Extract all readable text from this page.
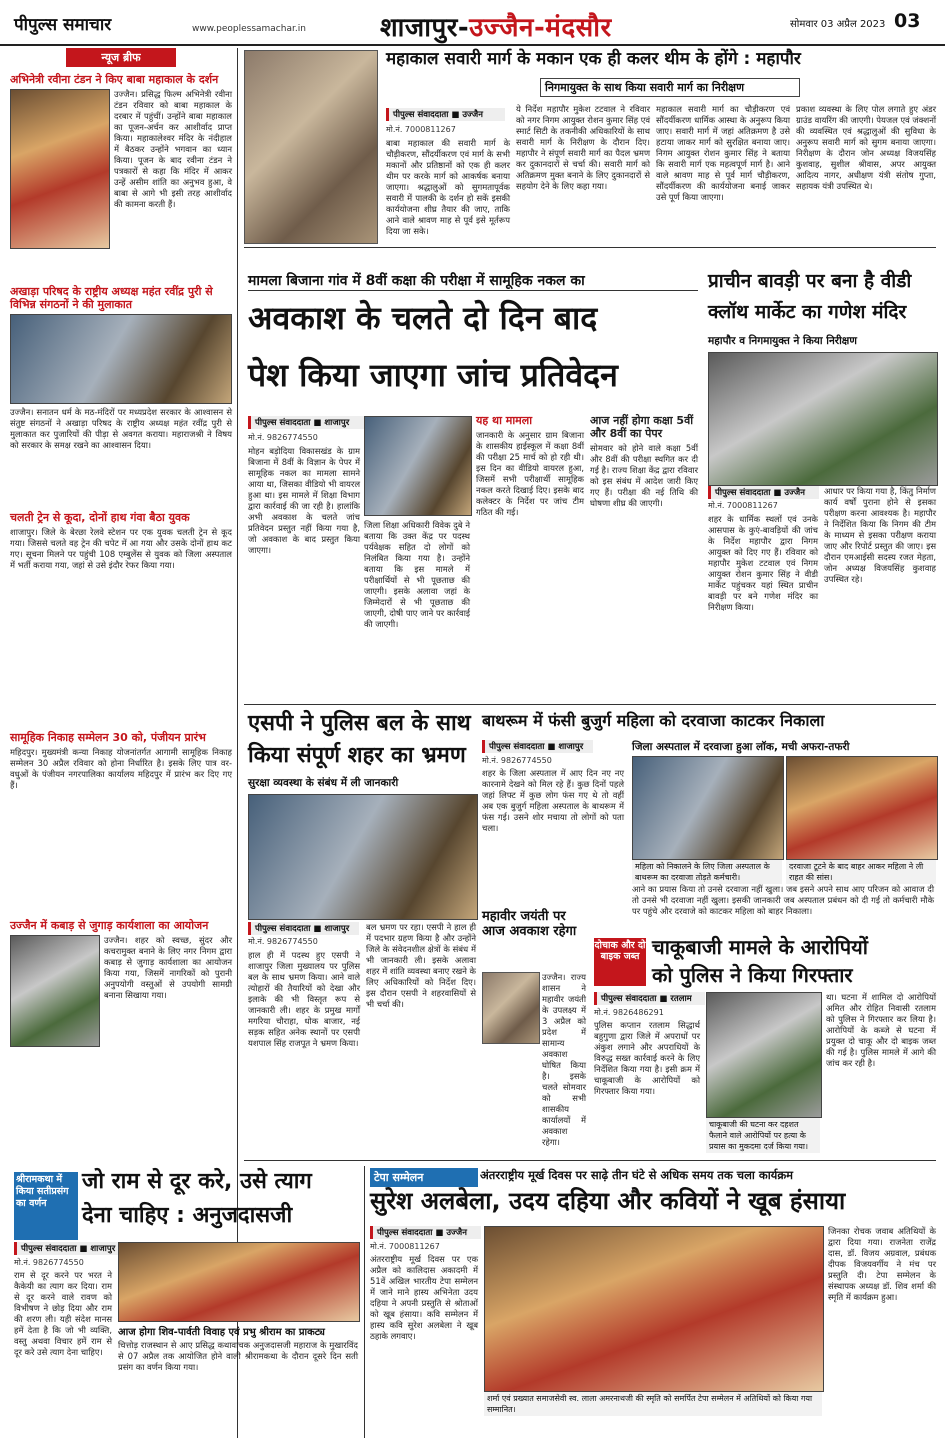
पीपुल्स समाचार	www.peoplessamachar.in	शाजापुर-उज्जैन-मंदसौर	सोमवार 03 अप्रैल 2023 03
न्यूज ब्रीफ
अभिनेत्री रवीना टंडन ने किए बाबा महाकाल के दर्शन
उज्जैन। प्रसिद्ध फिल्म अभिनेत्री रवीना टंडन रविवार को बाबा महाकाल के दरबार में पहुंचीं। उन्होंने बाबा महाकाल का पूजन-अर्चन कर आशीर्वाद प्राप्त किया। महाकालेश्वर मंदिर के नंदीहाल में बैठकर उन्होंने भगवान का ध्यान किया। पूजन के बाद रवीना टंडन ने पत्रकारों से कहा कि मंदिर में आकर उन्हें असीम शांति का अनुभव हुआ, वे बाबा से आगे भी इसी तरह आशीर्वाद की कामना करती हैं।
अखाड़ा परिषद के राष्ट्रीय अध्यक्ष महंत रवींद्र पुरी से विभिन्न संगठनों ने की मुलाकात
उज्जैन। सनातन धर्म के मठ-मंदिरों पर मध्यप्रदेश सरकार के आश्वासन से संतुष्ट संगठनों ने अखाड़ा परिषद के राष्ट्रीय अध्यक्ष महंत रवींद्र पुरी से मुलाकात कर पुजारियों की पीड़ा से अवगत कराया। महाराजश्री ने विषय को सरकार के समक्ष रखने का आश्वासन दिया।
चलती ट्रेन से कूदा, दोनों हाथ गंवा बैठा युवक
शाजापुर। जिले के बेरछा रेलवे स्टेशन पर एक युवक चलती ट्रेन से कूद गया। जिससे चलते वह ट्रेन की चपेट में आ गया और उसके दोनों हाथ कट गए। सूचना मिलने पर पहुंची 108 एम्बुलेंस से युवक को जिला अस्पताल में भर्ती कराया गया, जहां से उसे इंदौर रेफर किया गया।
सामूहिक निकाह सम्मेलन 30 को, पंजीयन प्रारंभ
महिदपुर। मुख्यमंत्री कन्या निकाह योजनांतर्गत आगामी सामूहिक निकाह सम्मेलन 30 अप्रैल रविवार को होना निर्धारित है। इसके लिए पात्र वर-वधुओं के पंजीयन नगरपालिका कार्यालय महिदपुर में प्रारंभ कर दिए गए हैं।
उज्जैन में कबाड़ से जुगाड़ कार्यशाला का आयोजन
उज्जैन। शहर को स्वच्छ, सुंदर और कचरामुक्त बनाने के लिए नगर निगम द्वारा कबाड़ से जुगाड़ कार्यशाला का आयोजन किया गया, जिसमें नागरिकों को पुरानी अनुपयोगी वस्तुओं से उपयोगी सामग्री बनाना सिखाया गया।
महाकाल सवारी मार्ग के मकान एक ही कलर थीम के होंगे : महापौर
निगमायुक्त के साथ किया सवारी मार्ग का निरीक्षण
पीपुल्स संवाददाता ■ उज्जैन
मो.नं. 7000811267
बाबा महाकाल की सवारी मार्ग के चौड़ीकरण, सौंदर्यीकरण एवं मार्ग के सभी मकानों और प्रतिष्ठानों को एक ही कलर थीम पर करके मार्ग को आकर्षक बनाया जाएगा। श्रद्धालुओं को सुगमतापूर्वक सवारी में पालकी के दर्शन हो सकें इसकी कार्ययोजना शीघ्र तैयार की जाए, ताकि आने वाले श्रावण माह से पूर्व इसे मूर्तरूप दिया जा सके।
ये निर्देश महापौर मुकेश टटवाल ने रविवार को नगर निगम आयुक्त रोशन कुमार सिंह एवं स्मार्ट सिटी के तकनीकी अधिकारियों के साथ सवारी मार्ग के निरीक्षण के दौरान दिए। महापौर ने संपूर्ण सवारी मार्ग का पैदल भ्रमण कर दुकानदारों से चर्चा की। सवारी मार्ग को अतिक्रमण मुक्त बनाने के लिए दुकानदारों से सहयोग देने के लिए कहा गया।
महाकाल सवारी मार्ग का चौड़ीकरण एवं सौंदर्यीकरण धार्मिक आस्था के अनुरूप किया जाए। सवारी मार्ग में जहां अतिक्रमण है उसे हटाया जाकर मार्ग को सुरक्षित बनाया जाए। निगम आयुक्त रोशन कुमार सिंह ने बताया कि सवारी मार्ग एक महत्वपूर्ण मार्ग है। आने वाले श्रावण माह से पूर्व मार्ग चौड़ीकरण, सौंदर्यीकरण की कार्ययोजना बनाई जाकर उसे पूर्ण किया जाएगा।
प्रकाश व्यवस्था के लिए पोल लगाते हुए अंडर ग्राउंड वायरिंग की जाएगी। पेयजल एवं जंक्शनों की व्यवस्थित एवं श्रद्धालुओं की सुविधा के अनुरूप सवारी मार्ग को सुगम बनाया जाएगा। निरीक्षण के दौरान जोन अध्यक्ष विजयसिंह कुशवाह, सुशील श्रीवास, अपर आयुक्त आदित्य नागर, अधीक्षण यंत्री संतोष गुप्ता, सहायक यंत्री उपस्थित थे।
मामला बिजाना गांव में 8वीं कक्षा की परीक्षा में सामूहिक नकल का
अवकाश के चलते दो दिन बाद
पेश किया जाएगा जांच प्रतिवेदन
पीपुल्स संवाददाता ■ शाजापुर
मो.नं. 9826774550
मोहन बड़ोदिया विकासखंड के ग्राम बिजाना में 8वीं के विज्ञान के पेपर में सामूहिक नकल का मामला सामने आया था, जिसका वीडियो भी वायरल हुआ था। इस मामले में शिक्षा विभाग द्वारा कार्रवाई की जा रही है। हालांकि अभी अवकाश के चलते जांच प्रतिवेदन प्रस्तुत नहीं किया गया है, जो अवकाश के बाद प्रस्तुत किया जाएगा।
जिला शिक्षा अधिकारी विवेक दुबे ने बताया कि उक्त केंद्र पर पदस्थ पर्यवेक्षक सहित दो लोगों को निलंबित किया गया है। उन्होंने बताया कि इस मामले में परीक्षार्थियों से भी पूछताछ की जाएगी। इसके अलावा जहां के जिम्मेदारों से भी पूछताछ की जाएगी, दोषी पाए जाने पर कार्रवाई की जाएगी।
यह था मामला
जानकारी के अनुसार ग्राम बिजाना के शासकीय हाईस्कूल में कक्षा 8वीं की परीक्षा 25 मार्च को हो रही थी। इस दिन का वीडियो वायरल हुआ, जिसमें सभी परीक्षार्थी सामूहिक नकल करते दिखाई दिए। इसके बाद कलेक्टर के निर्देश पर जांच टीम गठित की गई।
आज नहीं होगा कक्षा 5वीं और 8वीं का पेपर
सोमवार को होने वाले कक्षा 5वीं और 8वीं की परीक्षा स्थगित कर दी गई है। राज्य शिक्षा केंद्र द्वारा रविवार को इस संबंध में आदेश जारी किए गए हैं। परीक्षा की नई तिथि की घोषणा शीघ्र की जाएगी।
प्राचीन बावड़ी पर बना है वीडी
क्लॉथ मार्केट का गणेश मंदिर
महापौर व निगमायुक्त ने किया निरीक्षण
पीपुल्स संवाददाता ■ उज्जैन
मो.नं. 7000811267
शहर के धार्मिक स्थलों एवं उनके आसपास के कुएं-बावड़ियों की जांच के निर्देश महापौर द्वारा निगम आयुक्त को दिए गए हैं। रविवार को महापौर मुकेश टटवाल एवं निगम आयुक्त रोशन कुमार सिंह ने वीडी मार्केट पहुंचकर यहां स्थित प्राचीन बावड़ी पर बने गणेश मंदिर का निरीक्षण किया।
आधार पर किया गया है, किंतु निर्माण कार्य वर्षों पुराना होने से इसका परीक्षण करना आवश्यक है। महापौर ने निर्देशित किया कि निगम की टीम के माध्यम से इसका परीक्षण कराया जाए और रिपोर्ट प्रस्तुत की जाए। इस दौरान एमआईसी सदस्य रजत मेहता, जोन अध्यक्ष विजयसिंह कुशवाह उपस्थित रहे।
एसपी ने पुलिस बल के साथ
किया संपूर्ण शहर का भ्रमण
सुरक्षा व्यवस्था के संबंध में ली जानकारी
पीपुल्स संवाददाता ■ शाजापुर
मो.नं. 9826774550
हाल ही में पदस्थ हुए एसपी ने शाजापुर जिला मुख्यालय पर पुलिस बल के साथ भ्रमण किया। आने वाले त्योहारों की तैयारियों को देखा और इलाके की भी विस्तृत रूप से जानकारी ली। शहर के प्रमुख मार्गों मगरिया चौराहा, धोक बाजार, नई सड़क सहित अनेक स्थानों पर एसपी यशपाल सिंह राजपूत ने भ्रमण किया।
बल भ्रमण पर रहा। एसपी ने हाल ही में पदभार ग्रहण किया है और उन्होंने जिले के संवेदनशील क्षेत्रों के संबंध में भी जानकारी ली। इसके अलावा शहर में शांति व्यवस्था बनाए रखने के लिए अधिकारियों को निर्देश दिए। इस दौरान एसपी ने शहरवासियों से भी चर्चा की।
महावीर जयंती पर आज अवकाश रहेगा
उज्जैन। राज्य शासन ने महावीर जयंती के उपलक्ष्य में 3 अप्रैल को प्रदेश में सामान्य अवकाश घोषित किया है। इसके चलते सोमवार को सभी शासकीय कार्यालयों में अवकाश रहेगा।
बाथरूम में फंसी बुजुर्ग महिला को दरवाजा काटकर निकाला
जिला अस्पताल में दरवाजा हुआ लॉक, मची अफरा-तफरी
पीपुल्स संवाददाता ■ शाजापुर
मो.नं. 9826774550
शहर के जिला अस्पताल में आए दिन नए नए कारनामे देखने को मिल रहे हैं। कुछ दिनों पहले जहां लिफ्ट में कुछ लोग फंस गए थे तो वहीं अब एक बुजुर्ग महिला अस्पताल के बाथरूम में फंस गई। उसने शोर मचाया तो लोगों को पता चला।
महिला को निकालने के लिए जिला अस्पताल के बाथरूम का दरवाजा तोड़ते कर्मचारी।
दरवाजा टूटने के बाद बाहर आकर महिला ने ली राहत की सांस।
आने का प्रयास किया तो उनसे दरवाजा नहीं खुला। जब इसने अपने साथ आए परिजन को आवाज दी तो उनसे भी दरवाजा नहीं खुला। इसकी जानकारी जब अस्पताल प्रबंधन को दी गई तो कर्मचारी मौके पर पहुंचे और दरवाजे को काटकर महिला को बाहर निकाला।
दोचाक और दो बाइक जब्त चाकूबाजी मामले के आरोपियों
को पुलिस ने किया गिरफ्तार
पीपुल्स संवाददाता ■ रतलाम
मो.नं. 9826486291
पुलिस कप्तान रतलाम सिद्धार्थ बहुगुणा द्वारा जिले में अपराधों पर अंकुश लगाने और अपराधियों के विरुद्ध सख्त कार्रवाई करने के लिए निर्देशित किया गया है। इसी क्रम में चाकूबाजी के आरोपियों को गिरफ्तार किया गया।
चाकूबाजी की घटना कर दहशत फैलाने वाले आरोपियों पर हत्या के प्रयास का मुकदमा दर्ज किया गया।
था। घटना में शामिल दो आरोपियों अमित और रोहित निवासी रतलाम को पुलिस ने गिरफ्तार कर लिया है। आरोपियों के कब्जे से घटना में प्रयुक्त दो चाकू और दो बाइक जब्त की गई है। पुलिस मामले में आगे की जांच कर रही है।
श्रीरामकथा में किया सतीप्रसंग का वर्णन
जो राम से दूर करे, उसे त्याग
देना चाहिए : अनुजदासजी
पीपुल्स संवाददाता ■ शाजापुर
मो.नं. 9826774550
राम से दूर करने पर भरत ने कैकेयी का त्याग कर दिया। राम से दूर करने वाले रावण को विभीषण ने छोड़ दिया और राम की शरण ली। यही संदेश मानस हमें देता है कि जो भी व्यक्ति, वस्तु अथवा विचार हमें राम से दूर करे उसे त्याग देना चाहिए।
आज होगा शिव-पार्वती विवाह एवं प्रभु श्रीराम का प्राकट्य
चित्तोड़ राजस्थान से आए प्रसिद्ध कथावाचक अनुजदासजी महाराज के मुखारविंद से 07 अप्रैल तक आयोजित होने वाली श्रीरामकथा के दौरान दूसरे दिन सती प्रसंग का वर्णन किया गया।
टेपा सम्मेलन	अंतरराष्ट्रीय मूर्ख दिवस पर साढ़े तीन घंटे से अधिक समय तक चला कार्यक्रम
सुरेश अलबेला, उदय दहिया और कवियों ने खूब हंसाया
पीपुल्स संवाददाता ■ उज्जैन
मो.नं. 7000811267
अंतरराष्ट्रीय मूर्ख दिवस पर एक अप्रैल को कालिदास अकादमी में 51वें अखिल भारतीय टेपा सम्मेलन में जाने माने हास्य अभिनेता उदय दहिया ने अपनी प्रस्तुति से श्रोताओं को खूब हंसाया। कवि सम्मेलन में हास्य कवि सुरेश अलबेला ने खूब ठहाके लगवाए।
शर्मा एवं प्रख्यात समाजसेवी स्व. लाला अमरनाथजी की स्मृति को समर्पित टेपा सम्मेलन में अतिथियों को किया गया सम्मानित।
जिनका रोचक जवाब अतिथियों के द्वारा दिया गया। राजनेता राजेंद्र दास, डॉ. विजय अग्रवाल, प्रबंधक दीपक विजयवर्गीय ने मंच पर प्रस्तुति दी। टेपा सम्मेलन के संस्थापक अध्यक्ष डॉ. शिव शर्मा की स्मृति में कार्यक्रम हुआ।
